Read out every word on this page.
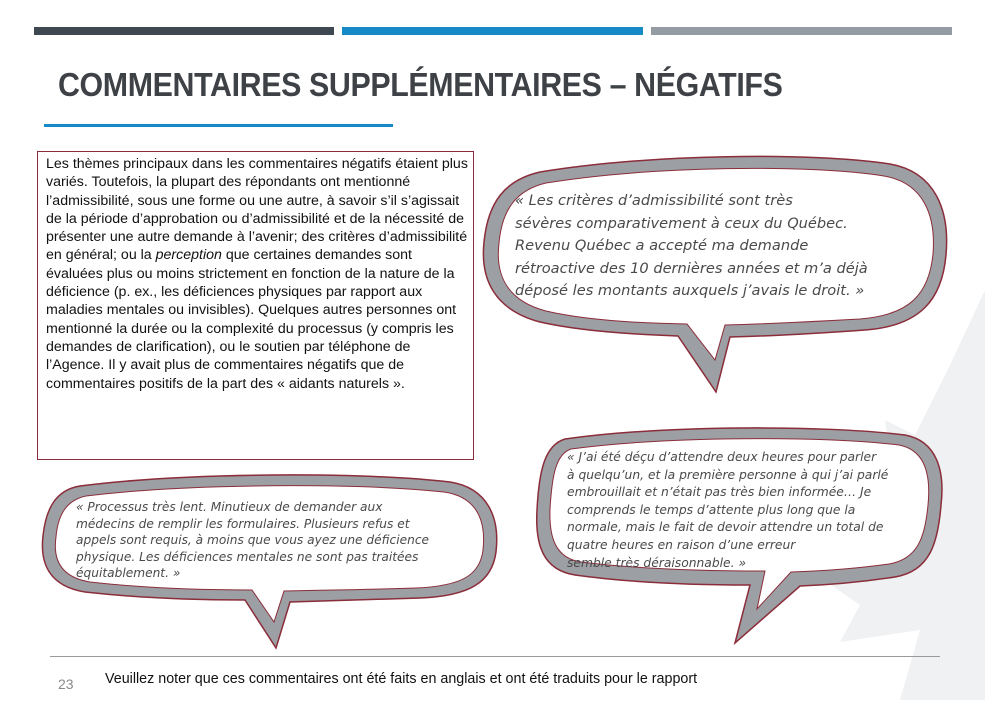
COMMENTAIRES SUPPLÉMENTAIRES – NÉGATIFS
Les thèmes principaux dans les commentaires négatifs étaient plus variés. Toutefois, la plupart des répondants ont mentionné l’admissibilité, sous une forme ou une autre, à savoir s’il s’agissait de la période d’approbation ou d’admissibilité et de la nécessité de présenter une autre demande à l’avenir; des critères d’admissibilité en général; ou la perception que certaines demandes sont évaluées plus ou moins strictement en fonction de la nature de la déficience (p. ex., les déficiences physiques par rapport aux maladies mentales ou invisibles). Quelques autres personnes ont mentionné la durée ou la complexité du processus (y compris les demandes de clarification), ou le soutien par téléphone de l’Agence. Il y avait plus de commentaires négatifs que de commentaires positifs de la part des « aidants naturels ».
« Les critères d’admissibilité sont très
sévères comparativement à ceux du Québec.
Revenu Québec a accepté ma demande
rétroactive des 10 dernières années et m’a déjà
déposé les montants auxquels j’avais le droit. »
« Processus très lent. Minutieux de demander aux
médecins de remplir les formulaires. Plusieurs refus et
appels sont requis, à moins que vous ayez une déficience
physique. Les déficiences mentales ne sont pas traitées
équitablement. »
« J’ai été déçu d’attendre deux heures pour parler
à quelqu’un, et la première personne à qui j’ai parlé
embrouillait et n’était pas très bien informée… Je
comprends le temps d’attente plus long que la
normale, mais le fait de devoir attendre un total de
quatre heures en raison d’une erreur
semble très déraisonnable. »
23 Veuillez noter que ces commentaires ont été faits en anglais et ont été traduits pour le rapport
